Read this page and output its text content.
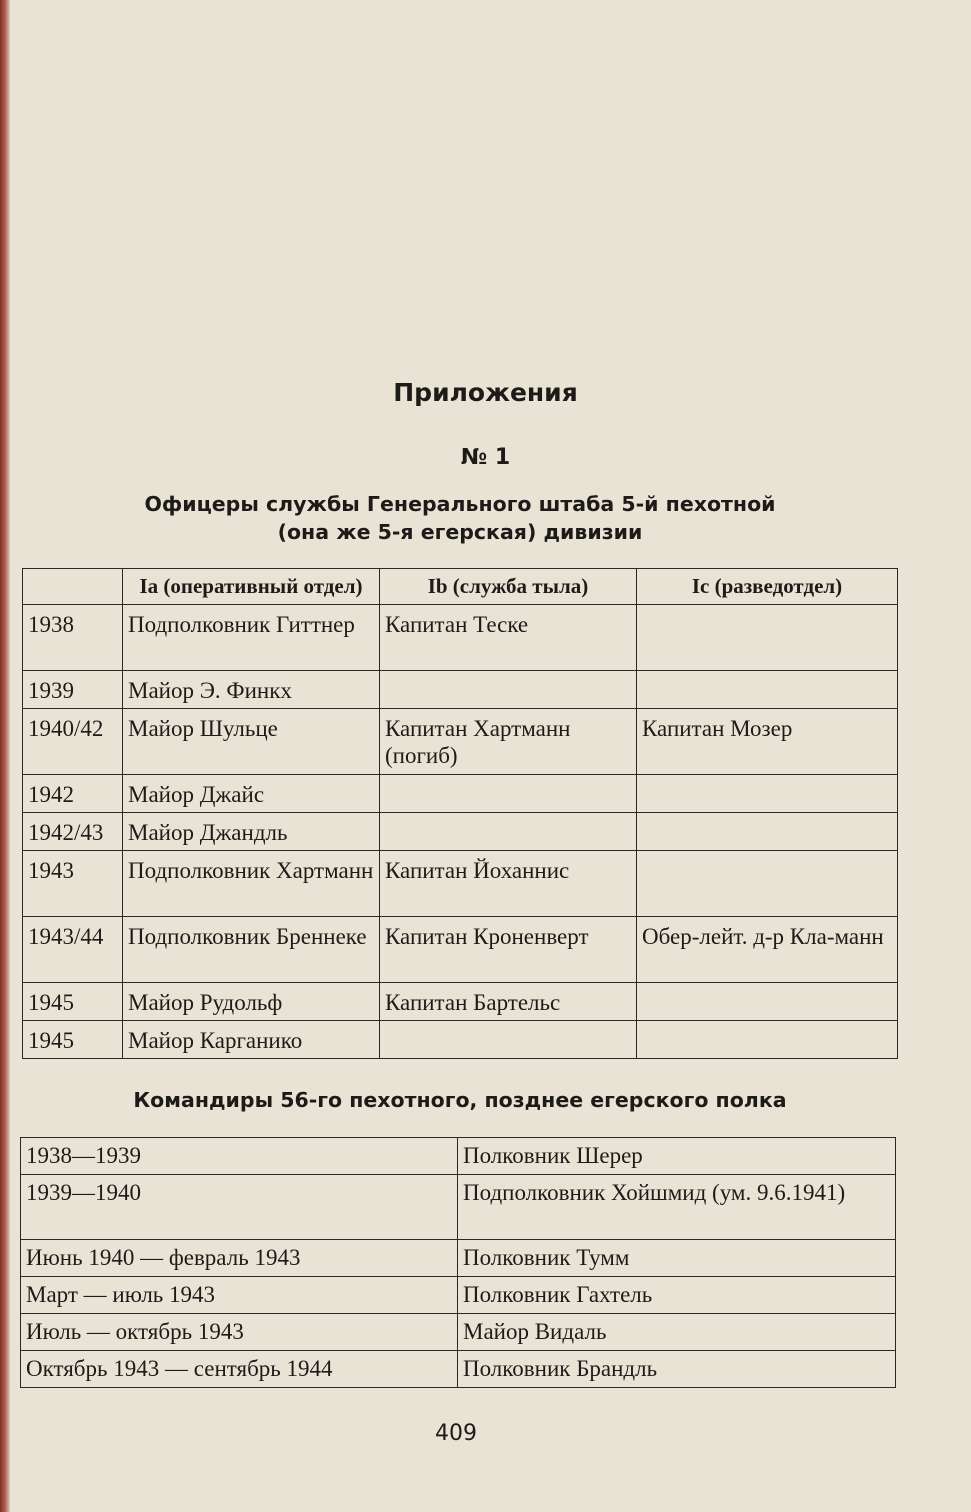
Приложения
№ 1
Офицеры службы Генерального штаба 5-й пехотной
(она же 5-я егерская) дивизии
	Ia (оперативный отдел)	Ib (служба тыла)	Ic (разведотдел)
1938	Подполковник Гиттнер	Капитан Теске	
1939	Майор Э. Финкх		
1940/42	Майор Шульце	Капитан Хартманн (погиб)	Капитан Мозер
1942	Майор Джайс		
1942/43	Майор Джандль		
1943	Подполковник Хартманн	Капитан Йоханнис	
1943/44	Подполковник Бреннеке	Капитан Кроненверт	Обер-лейт. д-р Кла-манн
1945	Майор Рудольф	Капитан Бартельс	
1945	Майор Карганико		
Командиры 56-го пехотного, позднее егерского полка
1938—1939	Полковник Шерер
1939—1940	Подполковник Хойшмид (ум. 9.6.1941)
Июнь 1940 — февраль 1943	Полковник Тумм
Март — июль 1943	Полковник Гахтель
Июль — октябрь 1943	Майор Видаль
Октябрь 1943 — сентябрь 1944	Полковник Брандль
409
